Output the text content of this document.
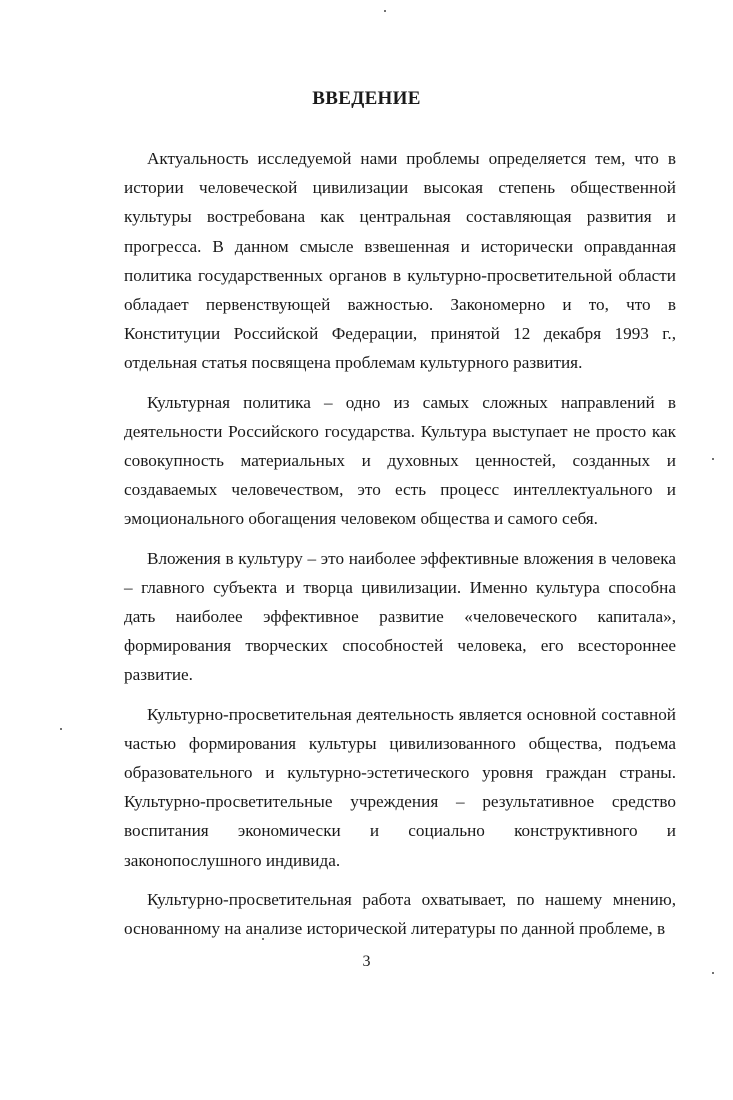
ВВЕДЕНИЕ

Актуальность исследуемой нами проблемы определяется тем, что в истории человеческой цивилизации высокая степень общественной культуры востребована как центральная составляющая развития и прогресса. В данном смысле взвешенная и исторически оправданная политика государственных органов в культурно-просветительной области обладает первенствующей важностью. Закономерно и то, что в Конституции Российской Федерации, принятой 12 декабря 1993 г., отдельная статья посвящена проблемам культурного развития.

Культурная политика – одно из самых сложных направлений в деятельности Российского государства. Культура выступает не просто как совокупность материальных и духовных ценностей, созданных и создаваемых человечеством, это есть процесс интеллектуального и эмоционального обогащения человеком общества и самого себя.

Вложения в культуру – это наиболее эффективные вложения в человека – главного субъекта и творца цивилизации. Именно культура способна дать наиболее эффективное развитие «человеческого капитала», формирования творческих способностей человека, его всестороннее развитие.

Культурно-просветительная деятельность является основной составной частью формирования культуры цивилизованного общества, подъема образовательного и культурно-эстетического уровня граждан страны. Культурно-просветительные учреждения – результативное средство воспитания экономически и социально конструктивного и законопослушного индивида.

Культурно-просветительная работа охватывает, по нашему мнению, основанному на анализе исторической литературы по данной проблеме, в

3
